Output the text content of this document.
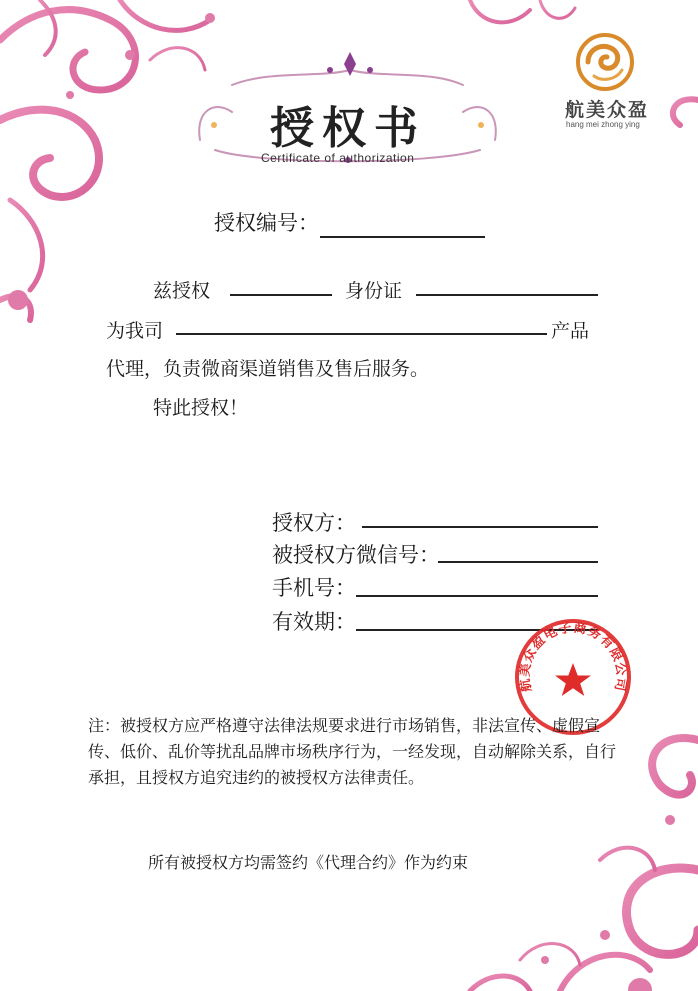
航美众盈
hang mei zhong ying
授权书
Certificate of authorization
授权编号：
兹授权	身份证
为我司	产品
代理，负责微商渠道销售及售后服务。
特此授权！
授权方：
被授权方微信号：
手机号：
有效期：
航美众盈电子商务有限公司
注：被授权方应严格遵守法律法规要求进行市场销售，非法宣传、虚假宣传、低价、乱价等扰乱品牌市场秩序行为，一经发现，自动解除关系，自行承担，且授权方追究违约的被授权方法律责任。
所有被授权方均需签约《代理合约》作为约束
